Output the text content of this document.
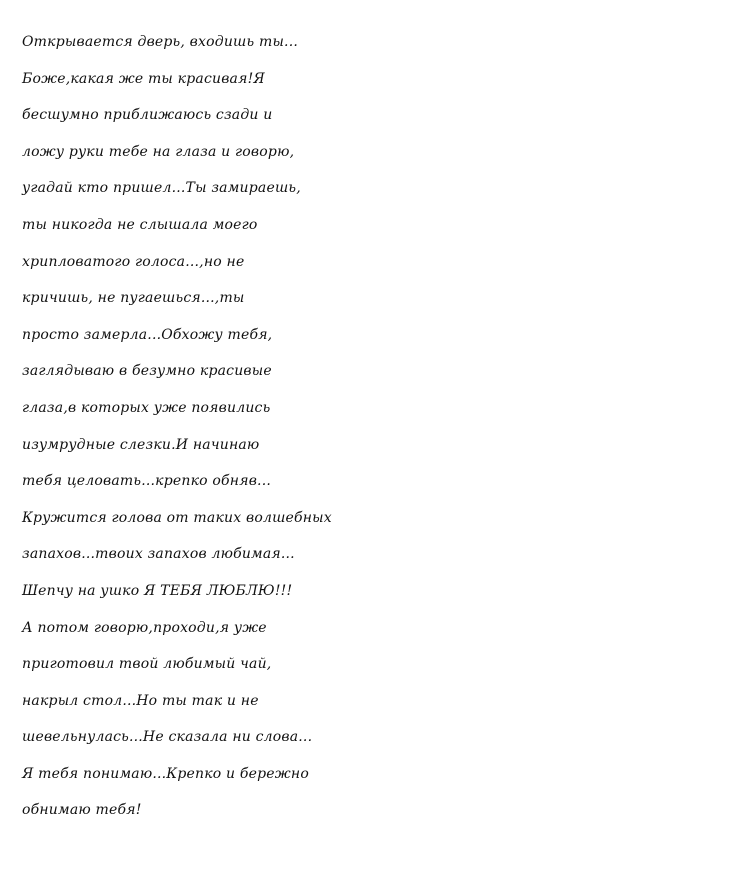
Открывается дверь, входишь ты...
Боже,какая же ты красивая!Я
бесшумно приближаюсь сзади и
ложу руки тебе на глаза и говорю,
угадай кто пришел...Ты замираешь,
ты никогда не слышала моего
хрипловатого голоса...,но не
кричишь, не пугаешься...,ты
просто замерла...Обхожу тебя,
заглядываю в безумно красивые
глаза,в которых уже появились
изумрудные слезки.И начинаю
тебя целовать...крепко обняв...
Кружится голова от таких волшебных
запахов...твоих запахов любимая...
Шепчу на ушко Я ТЕБЯ ЛЮБЛЮ!!!
А потом говорю,проходи,я уже
приготовил твой любимый чай,
накрыл стол...Но ты так и не
шевельнулась...Не сказала ни слова...
Я тебя понимаю...Крепко и бережно
обнимаю тебя!
